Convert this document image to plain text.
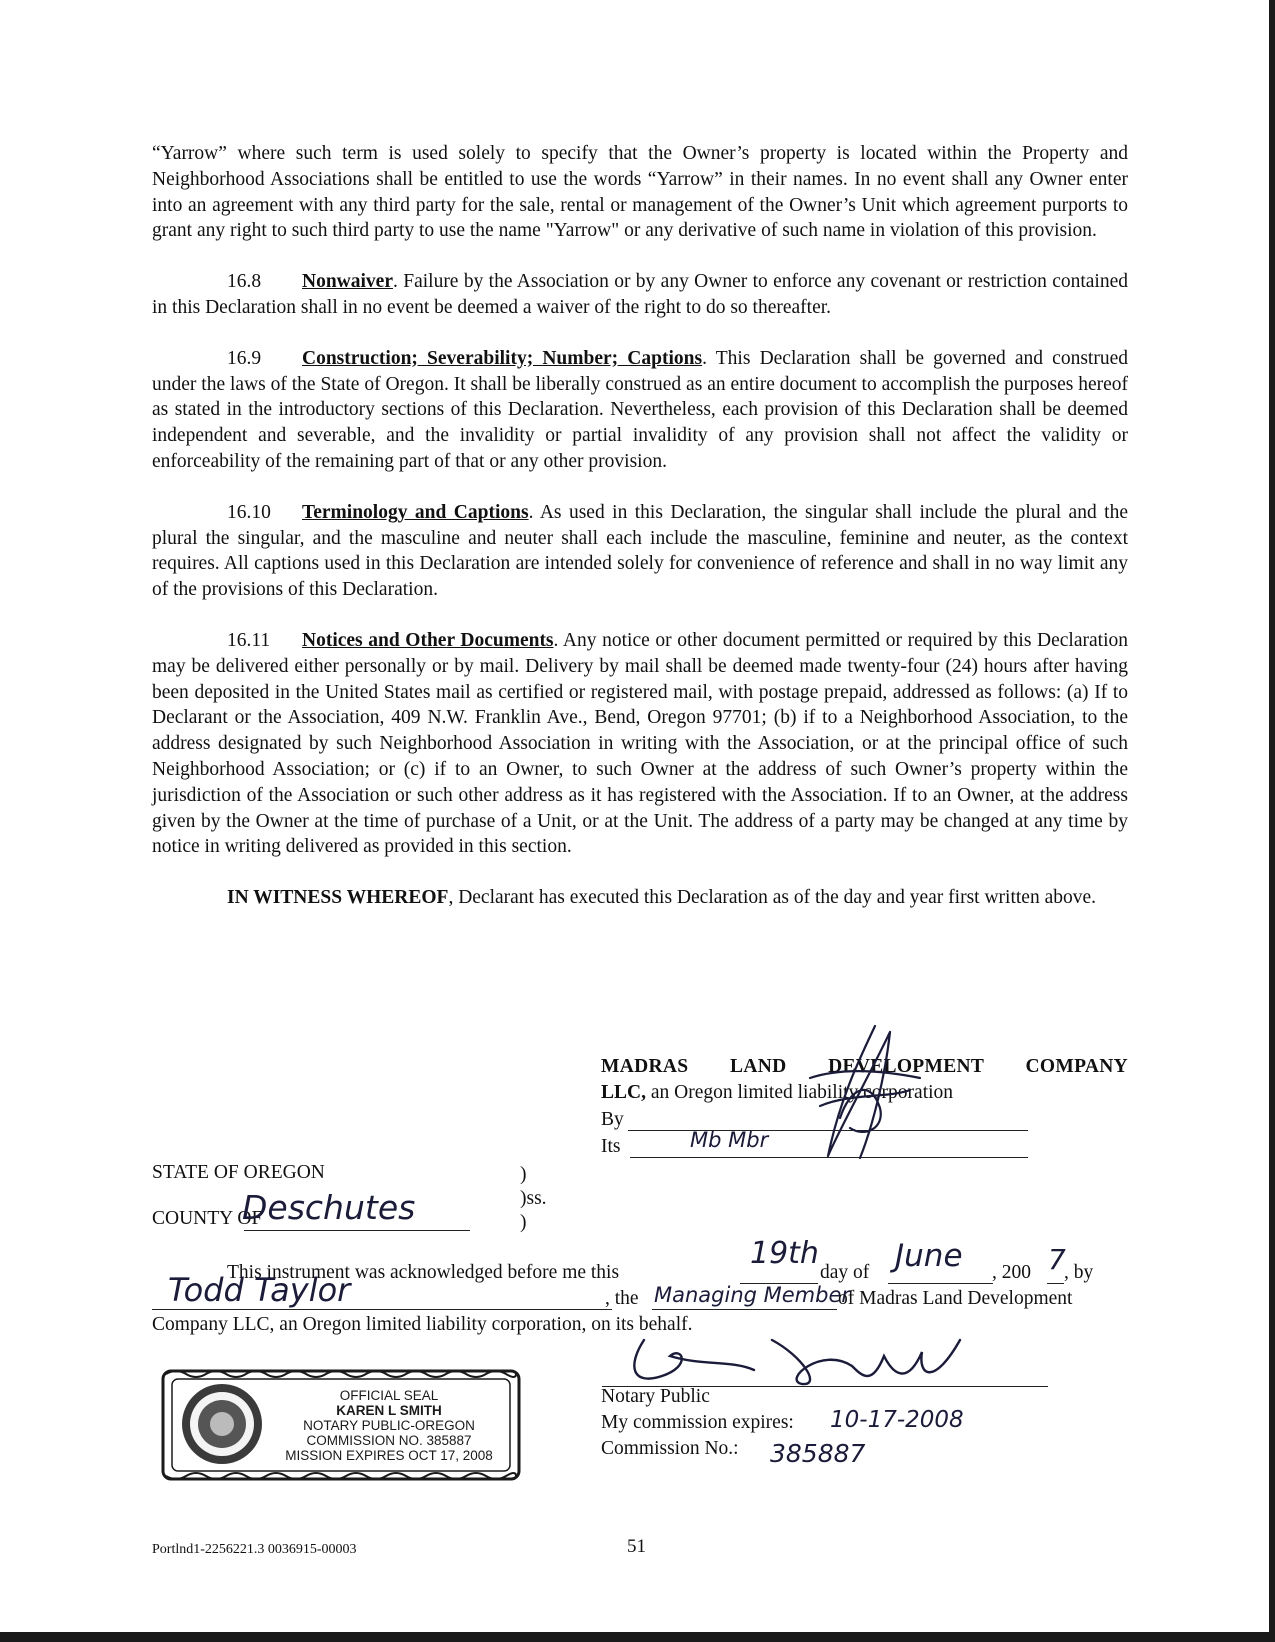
“Yarrow” where such term is used solely to specify that the Owner’s property is located within the Property and Neighborhood Associations shall be entitled to use the words “Yarrow” in their names. In no event shall any Owner enter into an agreement with any third party for the sale, rental or management of the Owner’s Unit which agreement purports to grant any right to such third party to use the name "Yarrow" or any derivative of such name in violation of this provision.

16.8 Nonwaiver. Failure by the Association or by any Owner to enforce any covenant or restriction contained in this Declaration shall in no event be deemed a waiver of the right to do so thereafter.

16.9 Construction; Severability; Number; Captions. This Declaration shall be governed and construed under the laws of the State of Oregon. It shall be liberally construed as an entire document to accomplish the purposes hereof as stated in the introductory sections of this Declaration. Nevertheless, each provision of this Declaration shall be deemed independent and severable, and the invalidity or partial invalidity of any provision shall not affect the validity or enforceability of the remaining part of that or any other provision.

16.10 Terminology and Captions. As used in this Declaration, the singular shall include the plural and the plural the singular, and the masculine and neuter shall each include the masculine, feminine and neuter, as the context requires. All captions used in this Declaration are intended solely for convenience of reference and shall in no way limit any of the provisions of this Declaration.

16.11 Notices and Other Documents. Any notice or other document permitted or required by this Declaration may be delivered either personally or by mail. Delivery by mail shall be deemed made twenty-four (24) hours after having been deposited in the United States mail as certified or registered mail, with postage prepaid, addressed as follows: (a) If to Declarant or the Association, 409 N.W. Franklin Ave., Bend, Oregon 97701; (b) if to a Neighborhood Association, to the address designated by such Neighborhood Association in writing with the Association, or at the principal office of such Neighborhood Association; or (c) if to an Owner, to such Owner at the address of such Owner’s property within the jurisdiction of the Association or such other address as it has registered with the Association. If to an Owner, at the address given by the Owner at the time of purchase of a Unit, or at the Unit. The address of a party may be changed at any time by notice in writing delivered as provided in this section.

IN WITNESS WHEREOF, Declarant has executed this Declaration as of the day and year first written above.

MADRAS LAND DEVELOPMENT COMPANY
LLC, an Oregon limited liability corporation
By
Its	Mb Mbr
STATE OF OREGON
COUNTY OF
Deschutes
)
)ss.
)
This instrument was acknowledged before me this
19th
day of June , 200 7
, by
Todd Taylor	, the Managing Member
of Madras Land Development
Company LLC, an Oregon limited liability corporation, on its behalf.
Notary Public
My commission expires: 10-17-2008
Commission No.: 385887
OFFICIAL SEAL
KAREN L SMITH
NOTARY PUBLIC-OREGON
COMMISSION NO. 385887
MISSION EXPIRES OCT 17, 2008
Portlnd1-2256221.3 0036915-00003	51
